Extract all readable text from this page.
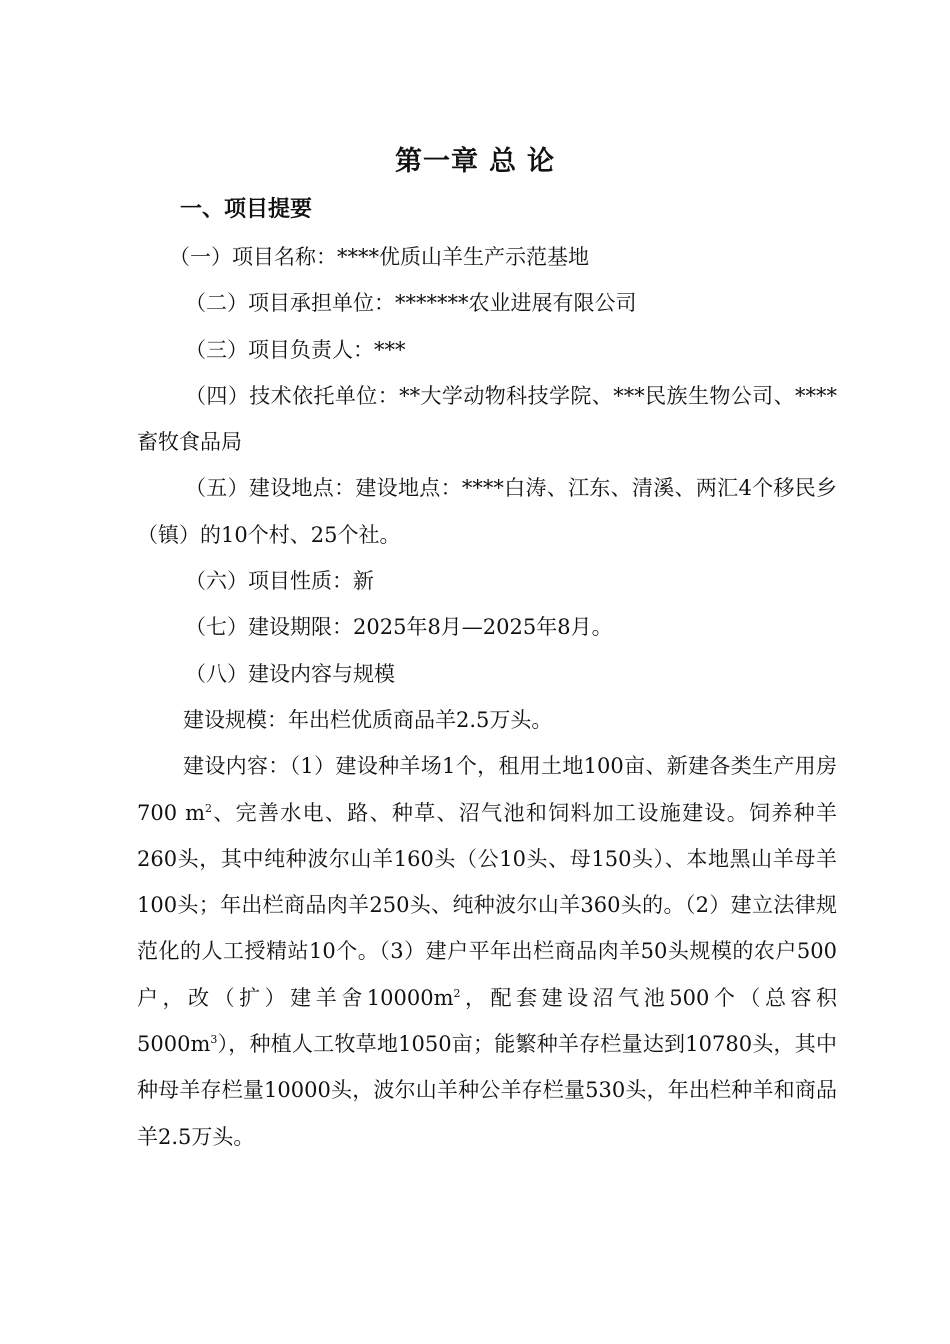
第一章 总 论
一、项目提要

（一）项目名称：****优质山羊生产示范基地

（二）项目承担单位：*******农业进展有限公司

（三）项目负责人：***

（四）技术依托单位：**大学动物科技学院、***民族生物公司、****畜牧食品局

（五）建设地点：建设地点：****白涛、江东、清溪、两汇4个移民乡（镇）的10个村、25个社。

（六）项目性质：新

（七）建设期限：2025年8月—2025年8月。

（八）建设内容与规模

建设规模：年出栏优质商品羊2.5万头。

建设内容：（1）建设种羊场1个，租用土地100亩、新建各类生产用房700 $m^2$、完善水电、路、种草、沼气池和饲料加工设施建设。饲养种羊260头，其中纯种波尔山羊160头（公10头、母150头）、本地黑山羊母羊100头；年出栏商品肉羊250头、纯种波尔山羊360头的。（2）建立法律规范化的人工授精站10个。（3）建户平年出栏商品肉羊50头规模的农户500户，改（扩）建羊舍$10000m^2$，配套建设沼气池500个（总容积$5000m^3$），种植人工牧草地1050亩；能繁种羊存栏量达到10780头，其中种母羊存栏量10000头，波尔山羊种公羊存栏量530头，年出栏种羊和商品羊2.5万头。
